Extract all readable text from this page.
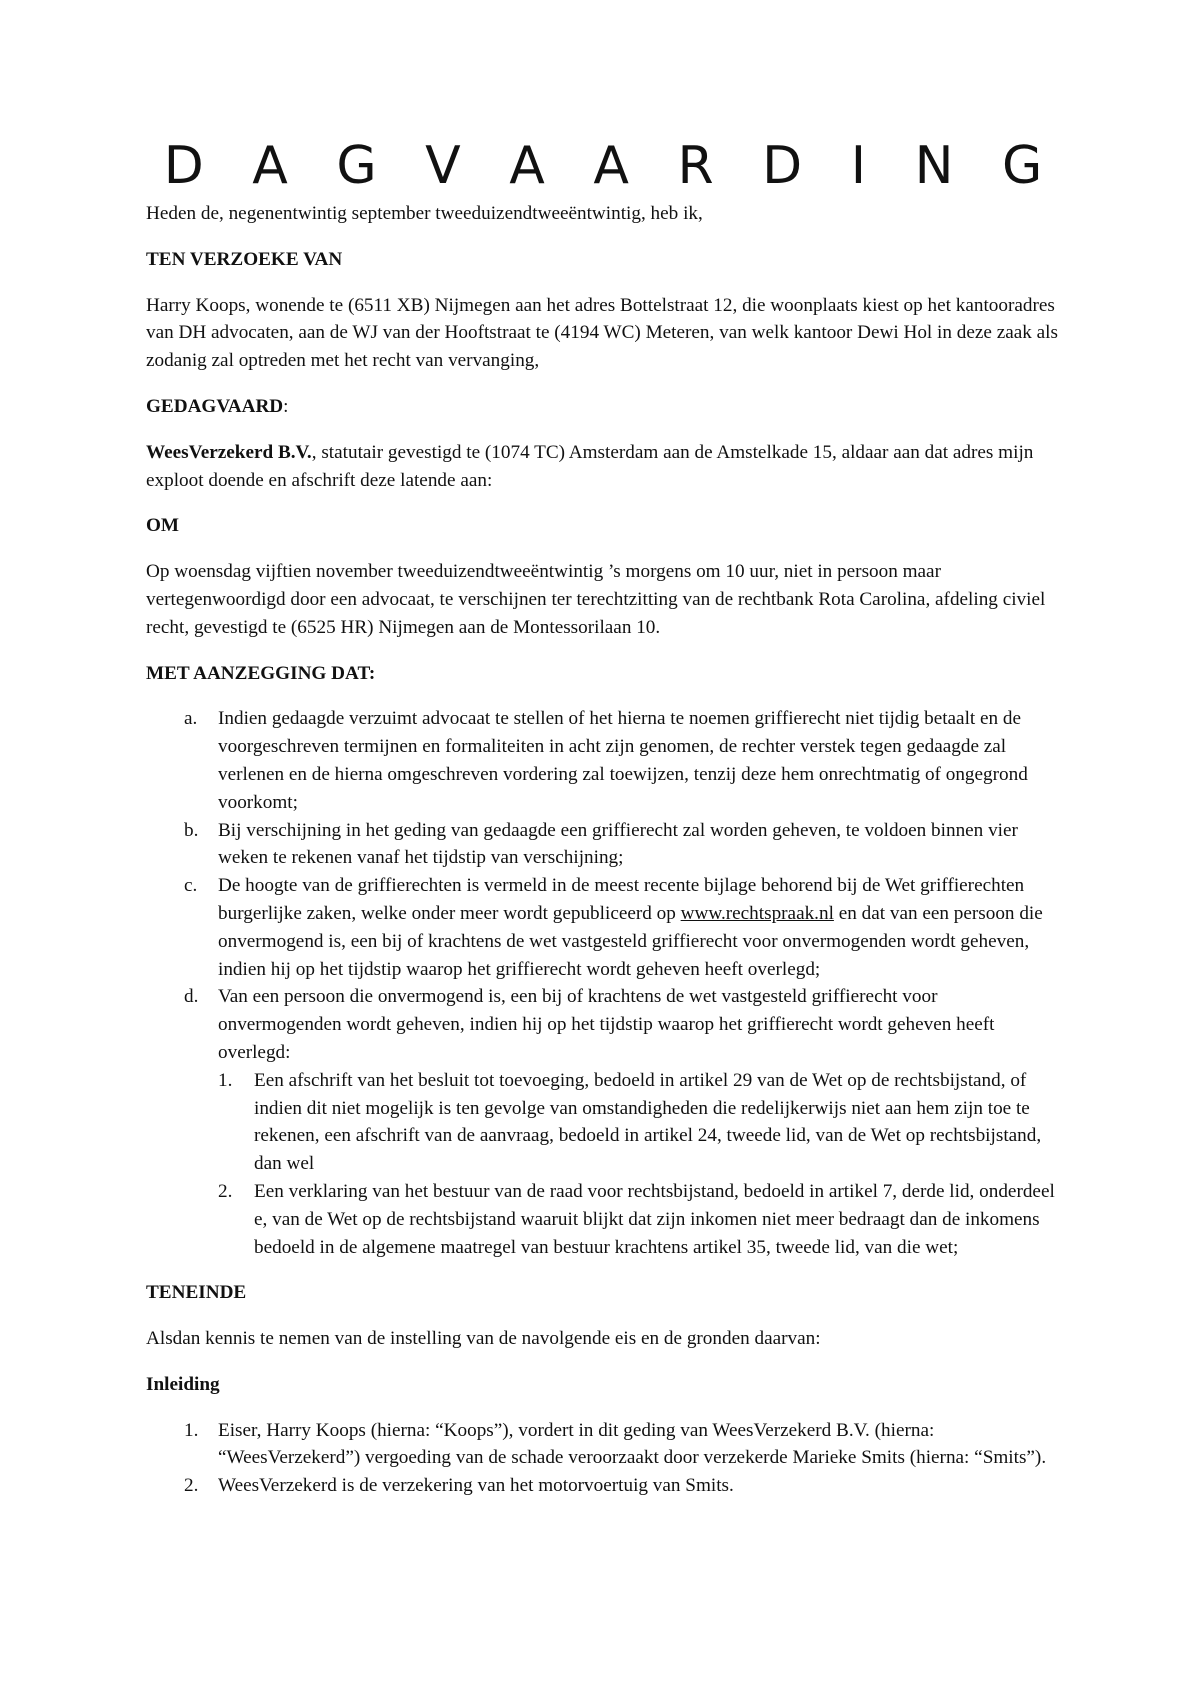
D A G V A A R D I N G

Heden de, negenentwintig september tweeduizendtweeëntwintig, heb ik,

TEN VERZOEKE VAN

Harry Koops, wonende te (6511 XB) Nijmegen aan het adres Bottelstraat 12, die woonplaats kiest op het kantooradres van DH advocaten, aan de WJ van der Hooftstraat te (4194 WC) Meteren, van welk kantoor Dewi Hol in deze zaak als zodanig zal optreden met het recht van vervanging,

GEDAGVAARD:

WeesVerzekerd B.V., statutair gevestigd te (1074 TC) Amsterdam aan de Amstelkade 15, aldaar aan dat adres mijn exploot doende en afschrift deze latende aan:

OM

Op woensdag vijftien november tweeduizendtweeëntwintig ’s morgens om 10 uur, niet in persoon maar vertegenwoordigd door een advocaat, te verschijnen ter terechtzitting van de rechtbank Rota Carolina, afdeling civiel recht, gevestigd te (6525 HR) Nijmegen aan de Montessorilaan 10.

MET AANZEGGING DAT:

a. Indien gedaagde verzuimt advocaat te stellen of het hierna te noemen griffierecht niet tijdig betaalt en de voorgeschreven termijnen en formaliteiten in acht zijn genomen, de rechter verstek tegen gedaagde zal verlenen en de hierna omgeschreven vordering zal toewijzen, tenzij deze hem onrechtmatig of ongegrond voorkomt;
b. Bij verschijning in het geding van gedaagde een griffierecht zal worden geheven, te voldoen binnen vier weken te rekenen vanaf het tijdstip van verschijning;
c. De hoogte van de griffierechten is vermeld in de meest recente bijlage behorend bij de Wet griffierechten burgerlijke zaken, welke onder meer wordt gepubliceerd op www.rechtspraak.nl en dat van een persoon die onvermogend is, een bij of krachtens de wet vastgesteld griffierecht voor onvermogenden wordt geheven, indien hij op het tijdstip waarop het griffierecht wordt geheven heeft overlegd;
d. Van een persoon die onvermogend is, een bij of krachtens de wet vastgesteld griffierecht voor onvermogenden wordt geheven, indien hij op het tijdstip waarop het griffierecht wordt geheven heeft overlegd:
1. Een afschrift van het besluit tot toevoeging, bedoeld in artikel 29 van de Wet op de rechtsbijstand, of indien dit niet mogelijk is ten gevolge van omstandigheden die redelijkerwijs niet aan hem zijn toe te rekenen, een afschrift van de aanvraag, bedoeld in artikel 24, tweede lid, van de Wet op rechtsbijstand, dan wel
2. Een verklaring van het bestuur van de raad voor rechtsbijstand, bedoeld in artikel 7, derde lid, onderdeel e, van de Wet op de rechtsbijstand waaruit blijkt dat zijn inkomen niet meer bedraagt dan de inkomens bedoeld in de algemene maatregel van bestuur krachtens artikel 35, tweede lid, van die wet;

TENEINDE

Alsdan kennis te nemen van de instelling van de navolgende eis en de gronden daarvan:

Inleiding

1. Eiser, Harry Koops (hierna: “Koops”), vordert in dit geding van WeesVerzekerd B.V. (hierna: “WeesVerzekerd”) vergoeding van de schade veroorzaakt door verzekerde Marieke Smits (hierna: “Smits”).
2. WeesVerzekerd is de verzekering van het motorvoertuig van Smits.
